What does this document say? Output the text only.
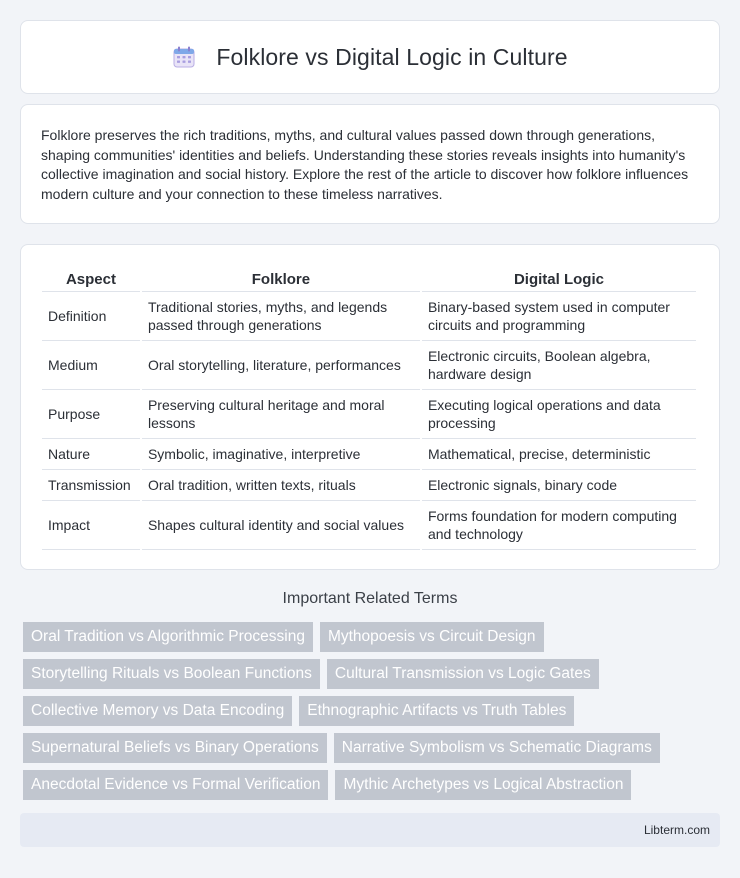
Folklore vs Digital Logic in Culture

Folklore preserves the rich traditions, myths, and cultural values passed down through generations, shaping communities' identities and beliefs. Understanding these stories reveals insights into humanity's collective imagination and social history. Explore the rest of the article to discover how folklore influences modern culture and your connection to these timeless narratives.

Aspect	Folklore	Digital Logic
Definition	Traditional stories, myths, and legends passed through generations	Binary-based system used in computer circuits and programming
Medium	Oral storytelling, literature, performances	Electronic circuits, Boolean algebra, hardware design
Purpose	Preserving cultural heritage and moral lessons	Executing logical operations and data processing
Nature	Symbolic, imaginative, interpretive	Mathematical, precise, deterministic
Transmission	Oral tradition, written texts, rituals	Electronic signals, binary code
Impact	Shapes cultural identity and social values	Forms foundation for modern computing and technology
Important Related Terms
Oral Tradition vs Algorithmic Processing	Mythopoesis vs Circuit Design
Storytelling Rituals vs Boolean Functions	Cultural Transmission vs Logic Gates
Collective Memory vs Data Encoding	Ethnographic Artifacts vs Truth Tables
Supernatural Beliefs vs Binary Operations	Narrative Symbolism vs Schematic Diagrams
Anecdotal Evidence vs Formal Verification	Mythic Archetypes vs Logical Abstraction
Libterm.com
